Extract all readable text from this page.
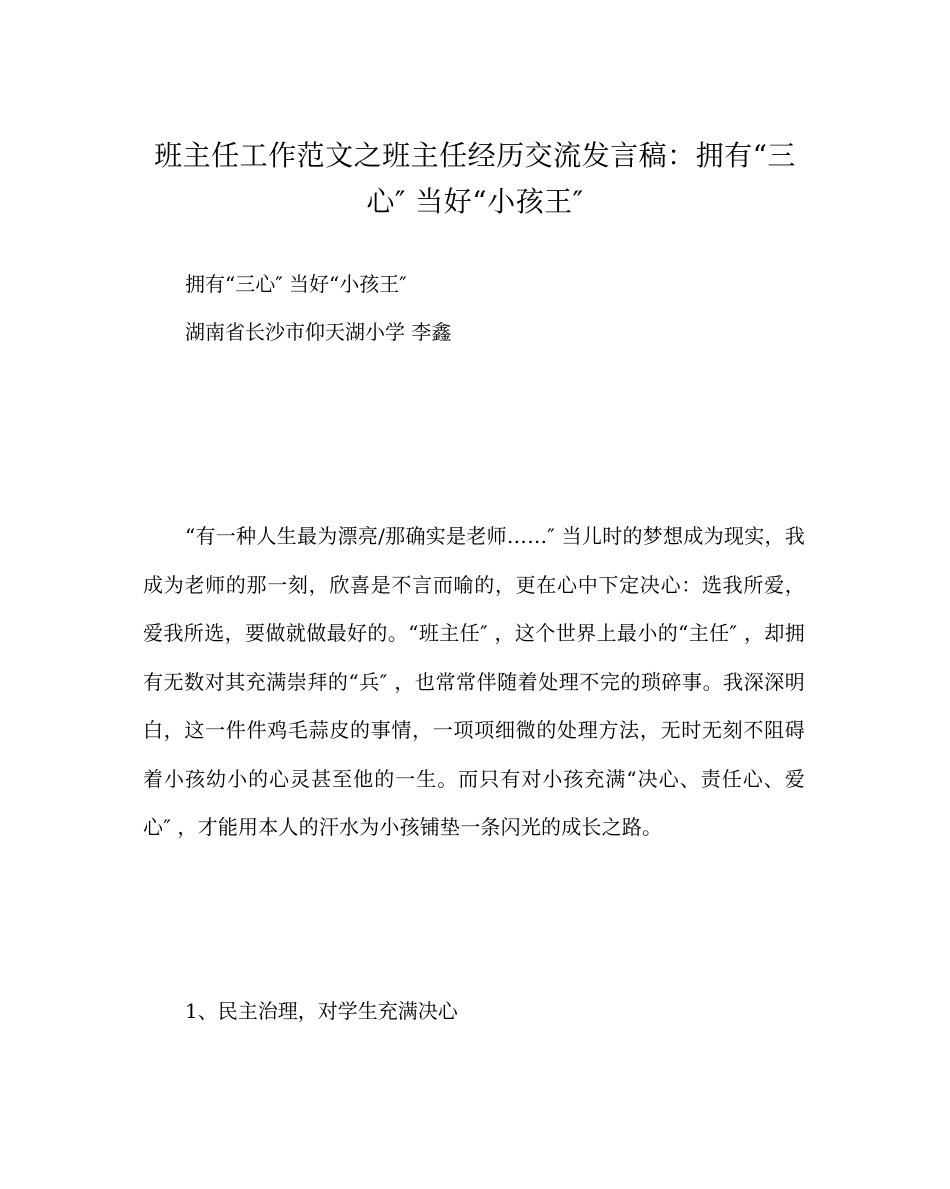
班主任工作范文之班主任经历交流发言稿：拥有“三心″ 当好“小孩王″

拥有“三心″ 当好“小孩王″

湖南省长沙市仰天湖小学 李鑫

“有一种人生最为漂亮/那确实是老师……″ 当儿时的梦想成为现实，我成为老师的那一刻，欣喜是不言而喻的，更在心中下定决心：选我所爱，爱我所选，要做就做最好的。“班主任″ ，这个世界上最小的“主任″ ，却拥有无数对其充满崇拜的“兵″ ，也常常伴随着处理不完的琐碎事。我深深明白，这一件件鸡毛蒜皮的事情，一项项细微的处理方法，无时无刻不阻碍着小孩幼小的心灵甚至他的一生。而只有对小孩充满“决心、责任心、爱心″ ，才能用本人的汗水为小孩铺垫一条闪光的成长之路。

1、民主治理，对学生充满决心
